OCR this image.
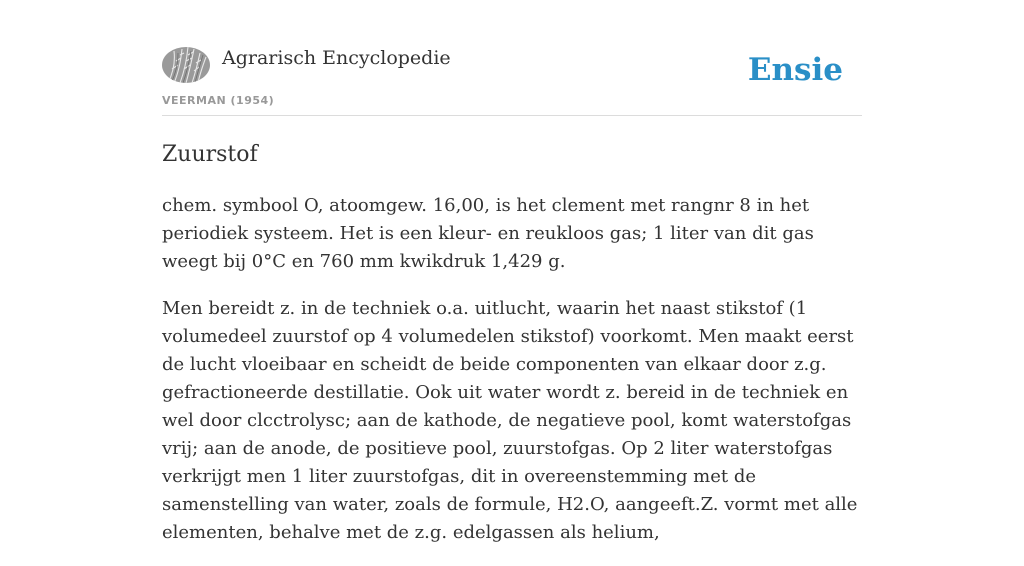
Agrarisch Encyclopedie
VEERMAN (1954)
Ensie
Zuurstof

chem. symbool O, atoomgew. 16,00, is het clement met rangnr 8 in het periodiek systeem. Het is een kleur- en reukloos gas; 1 liter van dit gas weegt bij 0°C en 760 mm kwikdruk 1,429 g.

Men bereidt z. in de techniek o.a. uitlucht, waarin het naast stikstof (1 volumedeel zuurstof op 4 volumedelen stikstof) voorkomt. Men maakt eerst de lucht vloeibaar en scheidt de beide componenten van elkaar door z.g. gefractioneerde destillatie. Ook uit water wordt z. bereid in de techniek en wel door clcctrolysc; aan de kathode, de negatieve pool, komt waterstofgas vrij; aan de anode, de positieve pool, zuurstofgas. Op 2 liter waterstofgas verkrijgt men 1 liter zuurstofgas, dit in overeenstemming met de samenstelling van water, zoals de formule, H2.O, aangeeft.Z. vormt met alle elementen, behalve met de z.g. edelgassen als helium,
